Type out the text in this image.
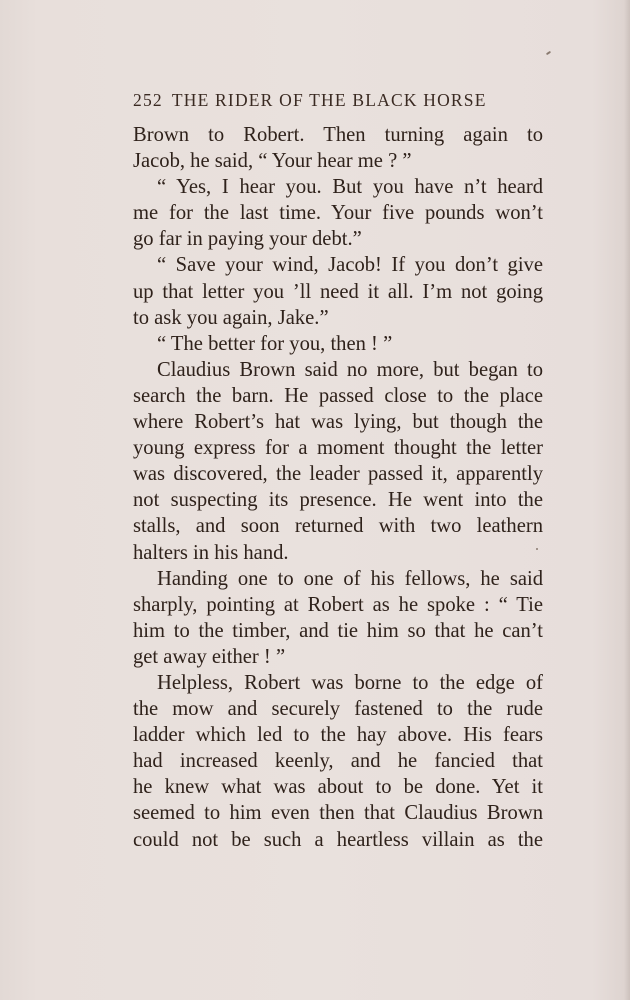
252 THE RIDER OF THE BLACK HORSE
Brown to Robert. Then turning again to
Jacob, he said, “ Your hear me ? ”
“ Yes, I hear you. But you have n’t heard
me for the last time. Your five pounds won’t
go far in paying your debt.”
“ Save your wind, Jacob! If you don’t give
up that letter you ’ll need it all. I’m not going
to ask you again, Jake.”
“ The better for you, then ! ”
Claudius Brown said no more, but began to
search the barn. He passed close to the place
where Robert’s hat was lying, but though the
young express for a moment thought the letter
was discovered, the leader passed it, apparently
not suspecting its presence. He went into the
stalls, and soon returned with two leathern
halters in his hand.
Handing one to one of his fellows, he said
sharply, pointing at Robert as he spoke : “ Tie
him to the timber, and tie him so that he can’t
get away either ! ”
Helpless, Robert was borne to the edge of
the mow and securely fastened to the rude
ladder which led to the hay above. His fears
had increased keenly, and he fancied that
he knew what was about to be done. Yet it
seemed to him even then that Claudius Brown
could not be such a heartless villain as the
